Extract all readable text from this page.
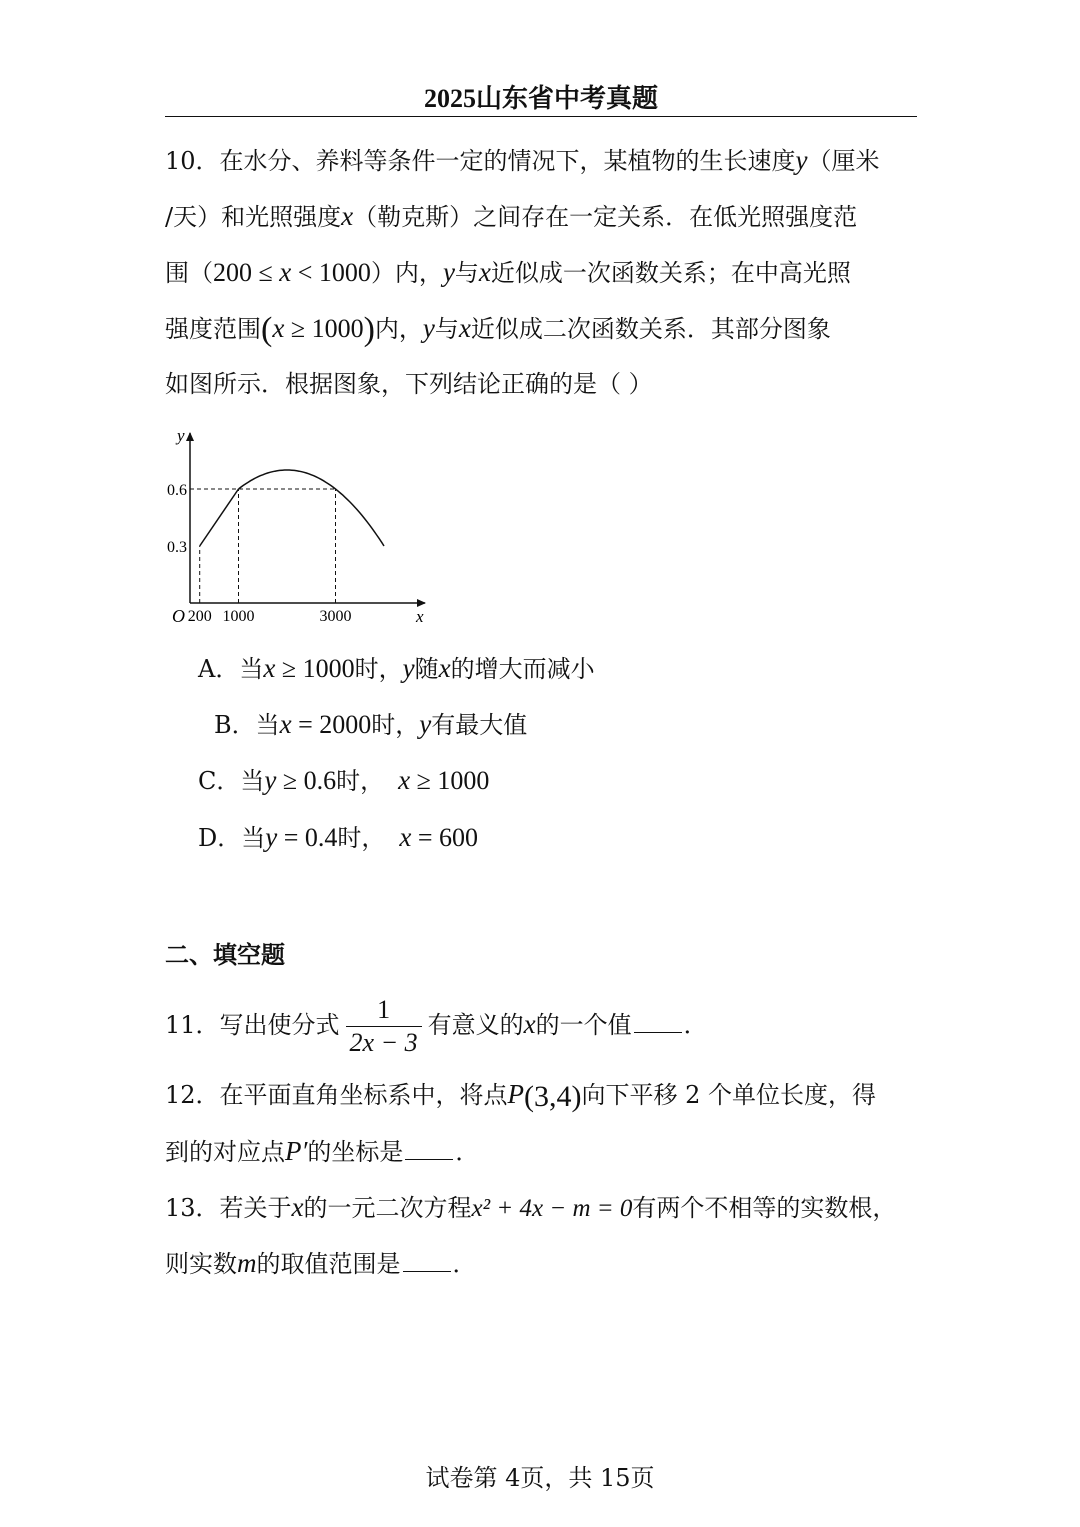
2025山东省中考真题
10．在水分、养料等条件一定的情况下，某植物的生长速度y（厘米
/天）和光照强度x（勒克斯）之间存在一定关系．在低光照强度范
围（200 ≤ x < 1000）内，y与x近似成一次函数关系；在中高光照
强度范围(x ≥ 1000)内，y与x近似成二次函数关系．其部分图象
如图所示．根据图象，下列结论正确的是（ ）
y
x
O 200 1000	3000
0.3
0.6
A．当x ≥ 1000时，y随x的增大而减小
B．当x = 2000时，y有最大值
C．当y ≥ 0.6时， x ≥ 1000
D．当y = 0.4时， x = 600
二、填空题
11．写出使分式 $\frac{1}{2x - 3}$ 有意义的x的一个值 ．
12．在平面直角坐标系中，将点P(3,4)向下平移 2 个单位长度，得
到的对应点P′的坐标是 ．
13．若关于x的一元二次方程x² + 4x − m = 0有两个不相等的实数根，
则实数m的取值范围是 ．
试卷第 4页，共 15页
